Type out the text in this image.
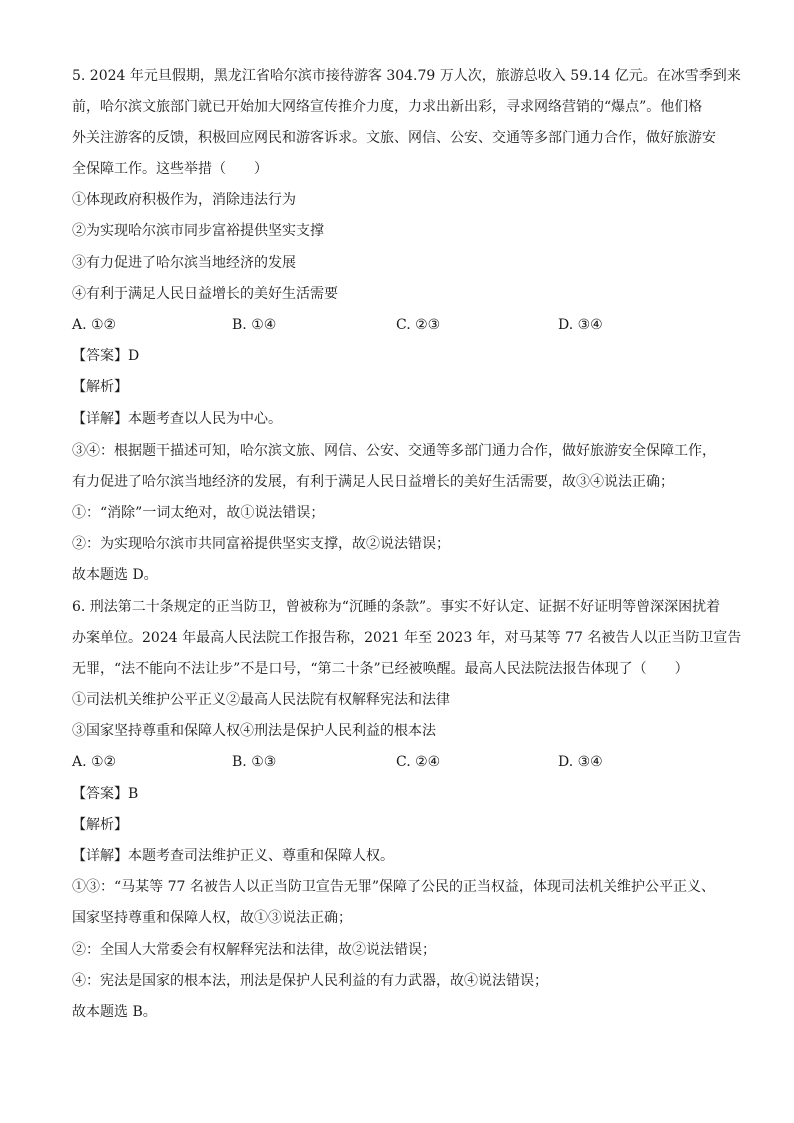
5. 2024 年元旦假期，黑龙江省哈尔滨市接待游客 304.79 万人次，旅游总收入 59.14 亿元。在冰雪季到来
前，哈尔滨文旅部门就已开始加大网络宣传推介力度，力求出新出彩，寻求网络营销的“爆点”。他们格
外关注游客的反馈，积极回应网民和游客诉求。文旅、网信、公安、交通等多部门通力合作，做好旅游安
全保障工作。这些举措（　　）
①体现政府积极作为，消除违法行为
②为实现哈尔滨市同步富裕提供坚实支撑
③有力促进了哈尔滨当地经济的发展
④有利于满足人民日益增长的美好生活需要
A. ①②	B. ①④	C. ②③	D. ③④
【答案】D
【解析】
【详解】本题考查以人民为中心。
③④：根据题干描述可知，哈尔滨文旅、网信、公安、交通等多部门通力合作，做好旅游安全保障工作，
有力促进了哈尔滨当地经济的发展，有利于满足人民日益增长的美好生活需要，故③④说法正确；
①：“消除”一词太绝对，故①说法错误；
②：为实现哈尔滨市共同富裕提供坚实支撑，故②说法错误；
故本题选 D。
6. 刑法第二十条规定的正当防卫，曾被称为“沉睡的条款”。事实不好认定、证据不好证明等曾深深困扰着
办案单位。2024 年最高人民法院工作报告称，2021 年至 2023 年，对马某等 77 名被告人以正当防卫宣告
无罪，“法不能向不法让步”不是口号，“第二十条”已经被唤醒。最高人民法院法报告体现了（　　）
①司法机关维护公平正义②最高人民法院有权解释宪法和法律
③国家坚持尊重和保障人权④刑法是保护人民利益的根本法
A. ①②	B. ①③	C. ②④	D. ③④
【答案】B
【解析】
【详解】本题考查司法维护正义、尊重和保障人权。
①③：“马某等 77 名被告人以正当防卫宣告无罪”保障了公民的正当权益，体现司法机关维护公平正义、
国家坚持尊重和保障人权，故①③说法正确；
②：全国人大常委会有权解释宪法和法律，故②说法错误；
④：宪法是国家的根本法，刑法是保护人民利益的有力武器，故④说法错误；
故本题选 B。
